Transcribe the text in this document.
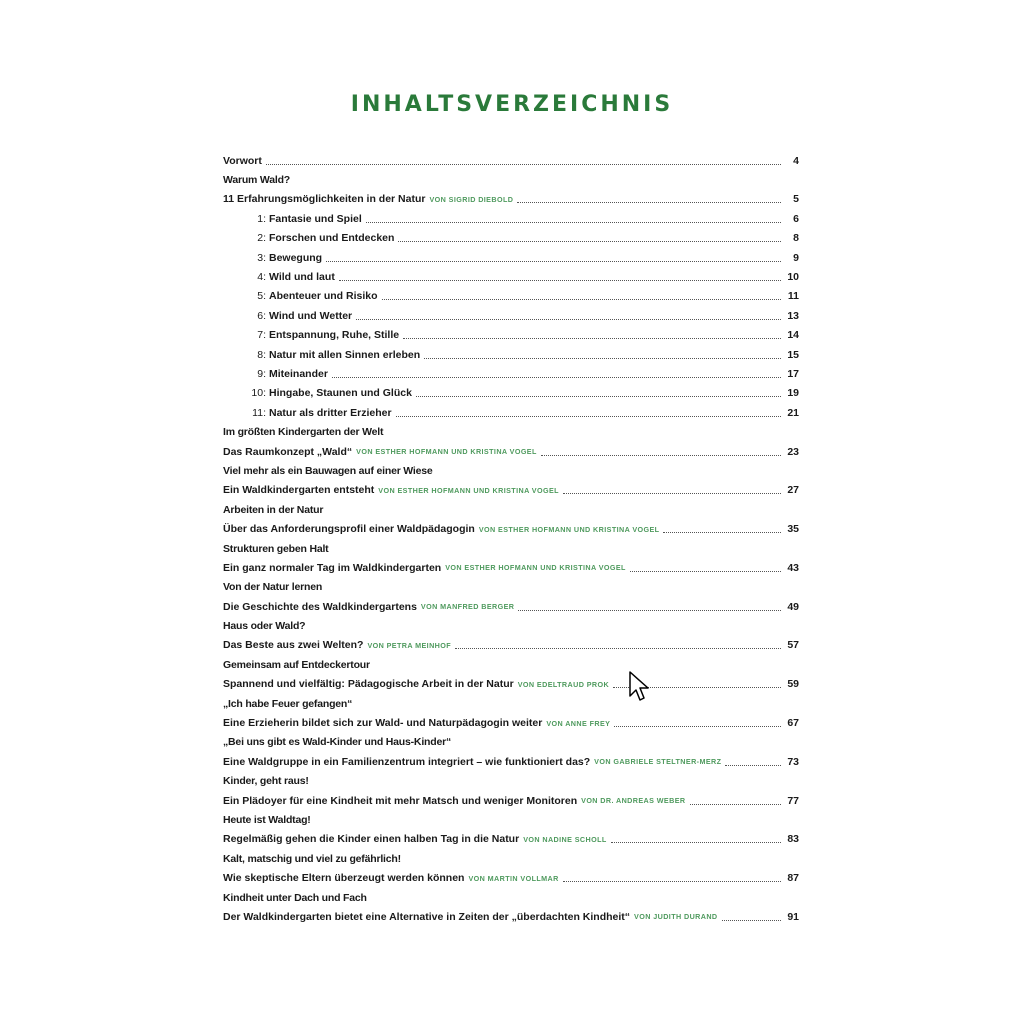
INHALTSVERZEICHNIS
Vorwort	4
Warum Wald?
11 Erfahrungsmöglichkeiten in der Natur VON SIGRID DIEBOLD	5
1: Fantasie und Spiel	6
2: Forschen und Entdecken	8
3: Bewegung	9
4: Wild und laut	10
5: Abenteuer und Risiko	11
6: Wind und Wetter	13
7: Entspannung, Ruhe, Stille	14
8: Natur mit allen Sinnen erleben	15
9: Miteinander	17
10: Hingabe, Staunen und Glück	19
11: Natur als dritter Erzieher	21
Im größten Kindergarten der Welt
Das Raumkonzept „Wald“ VON ESTHER HOFMANN UND KRISTINA VOGEL	23
Viel mehr als ein Bauwagen auf einer Wiese
Ein Waldkindergarten entsteht VON ESTHER HOFMANN UND KRISTINA VOGEL	27
Arbeiten in der Natur
Über das Anforderungsprofil einer Waldpädagogin VON ESTHER HOFMANN UND KRISTINA VOGEL	35
Strukturen geben Halt
Ein ganz normaler Tag im Waldkindergarten VON ESTHER HOFMANN UND KRISTINA VOGEL	43
Von der Natur lernen
Die Geschichte des Waldkindergartens VON MANFRED BERGER	49
Haus oder Wald?
Das Beste aus zwei Welten? VON PETRA MEINHOF	57
Gemeinsam auf Entdeckertour
Spannend und vielfältig: Pädagogische Arbeit in der Natur VON EDELTRAUD PROK	59
„Ich habe Feuer gefangen“
Eine Erzieherin bildet sich zur Wald- und Naturpädagogin weiter VON ANNE FREY	67
„Bei uns gibt es Wald-Kinder und Haus-Kinder“
Eine Waldgruppe in ein Familienzentrum integriert – wie funktioniert das? VON GABRIELE STELTNER-MERZ	73
Kinder, geht raus!
Ein Plädoyer für eine Kindheit mit mehr Matsch und weniger Monitoren VON DR. ANDREAS WEBER	77
Heute ist Waldtag!
Regelmäßig gehen die Kinder einen halben Tag in die Natur VON NADINE SCHOLL	83
Kalt, matschig und viel zu gefährlich!
Wie skeptische Eltern überzeugt werden können VON MARTIN VOLLMAR	87
Kindheit unter Dach und Fach
Der Waldkindergarten bietet eine Alternative in Zeiten der „überdachten Kindheit“ VON JUDITH DURAND	91
